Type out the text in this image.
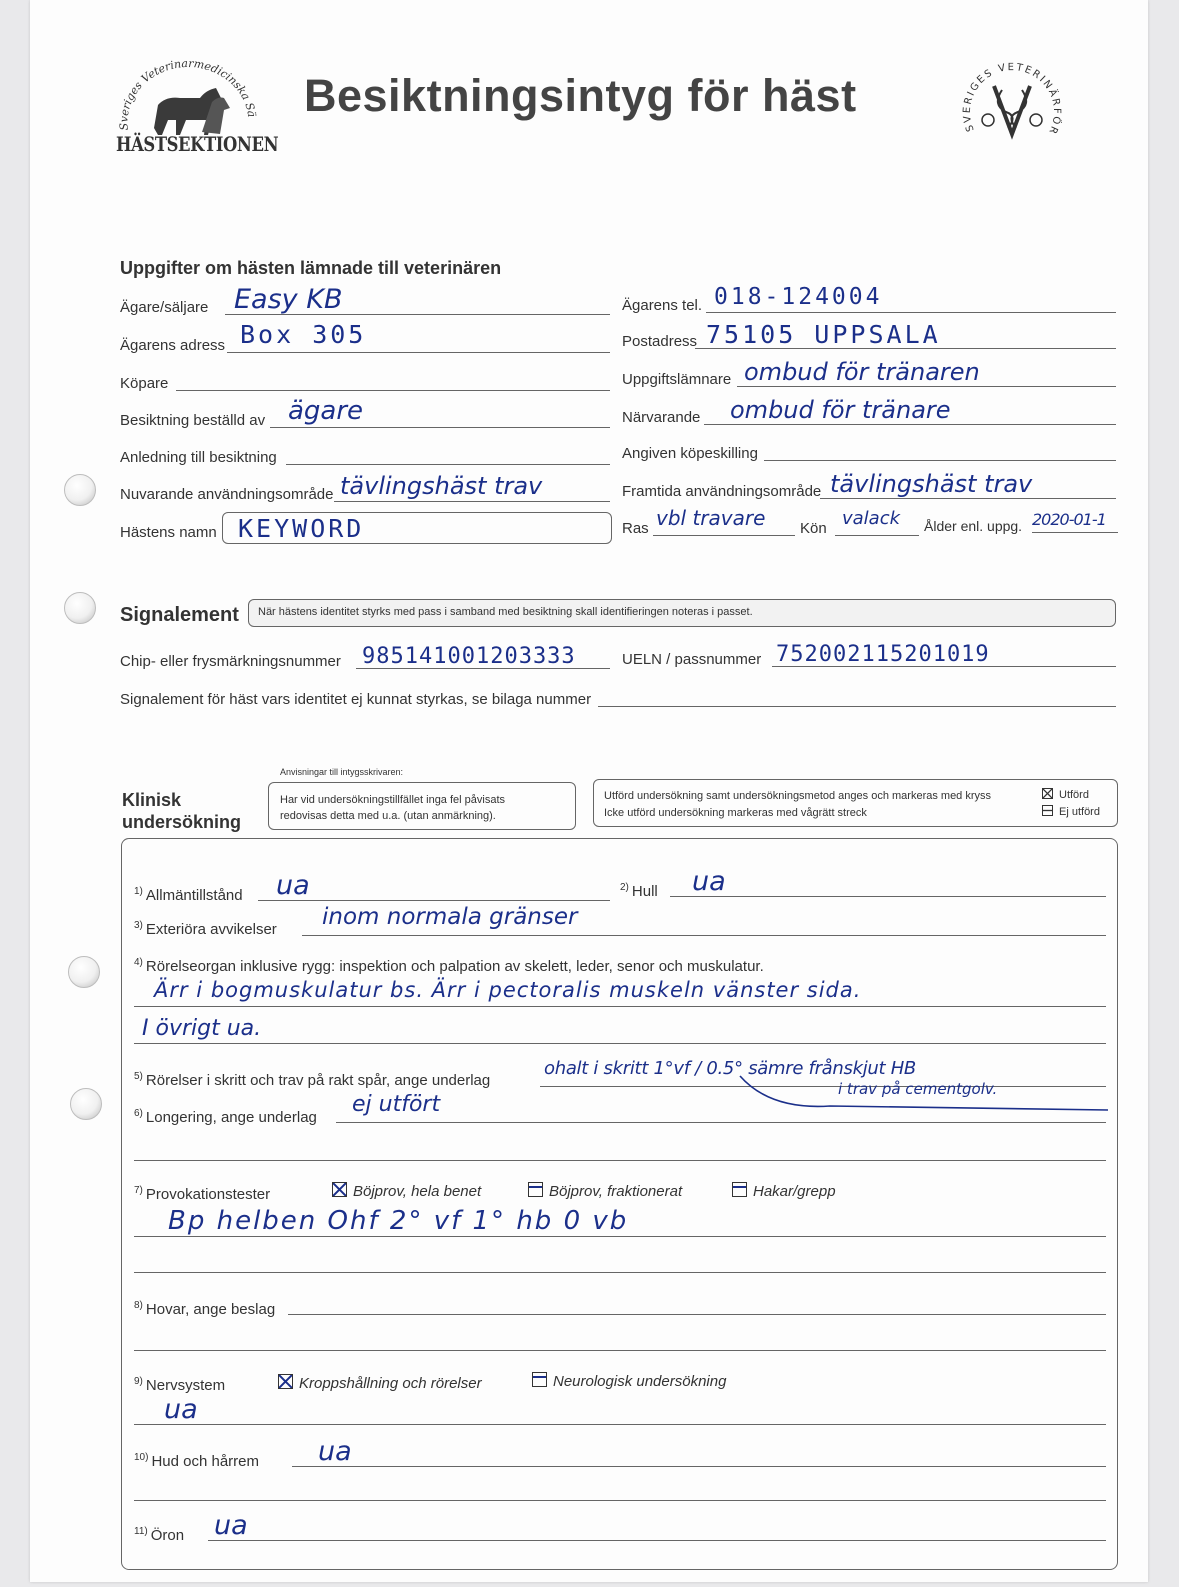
Sveriges Veterinärmedicinska Sä
HÄSTSEKTIONEN
Besiktningsintyg för häst
SVERIGES VETERINÄRFÖR
Uppgifter om hästen lämnade till veterinären
Ägare/säljare Easy KB	Ägarens tel. 018-124004
Ägarens adress Box 305	Postadress 75105 UPPSALA
Köpare	Uppgiftslämnare ombud för tränaren
Besiktning beställd av ägare	Närvarande ombud för tränare
Anledning till besiktning	Angiven köpeskilling
Nuvarande användningsområde tävlingshäst trav	Framtida användningsområde tävlingshäst trav
Hästens namn KEYWORD	Ras vbl travare Kön valack Ålder enl. uppg. 2020-01-1
Signalement När hästens identitet styrks med pass i samband med besiktning skall identifieringen noteras i passet.
Chip- eller frysmärkningsnummer 985141001203333	UELN / passnummer 752002115201019
Signalement för häst vars identitet ej kunnat styrkas, se bilaga nummer
Anvisningar till intygsskrivaren:
Klinisk
undersökning
Har vid undersökningstillfället inga fel påvisats
redovisas detta med u.a. (utan anmärkning).
Utförd undersökning samt undersökningsmetod anges och markeras med kryss
Icke utförd undersökning markeras med vågrätt streck
Utförd
Ej utförd
$^{1)}$ Allmäntillstånd ua	$^{2)}$ Hull ua
$^{3)}$ Exteriöra avvikelser inom normala gränser
$^{4)}$ Rörelseorgan inklusive rygg: inspektion och palpation av skelett, leder, senor och muskulatur.
Ärr i bogmuskulatur bs. Ärr i pectoralis muskeln vänster sida.
I övrigt ua.
$^{5)}$ Rörelser i skritt och trav på rakt spår, ange underlag
ohalt i skritt 1°vf / 0.5° sämre frånskjut HB
i trav på cementgolv.
$^{6)}$ Longering, ange underlag
ej utfört
$^{7)}$ Provokationstester	Böjprov, hela benet	Böjprov, fraktionerat	Hakar/grepp
Bp helben Ohf 2° vf 1° hb 0 vb
$^{8)}$ Hovar, ange beslag
$^{9)}$ Nervsystem	Kroppshållning och rörelser	Neurologisk undersökning
ua
$^{10)}$ Hud och hårrem ua
$^{11)}$ Öron ua
